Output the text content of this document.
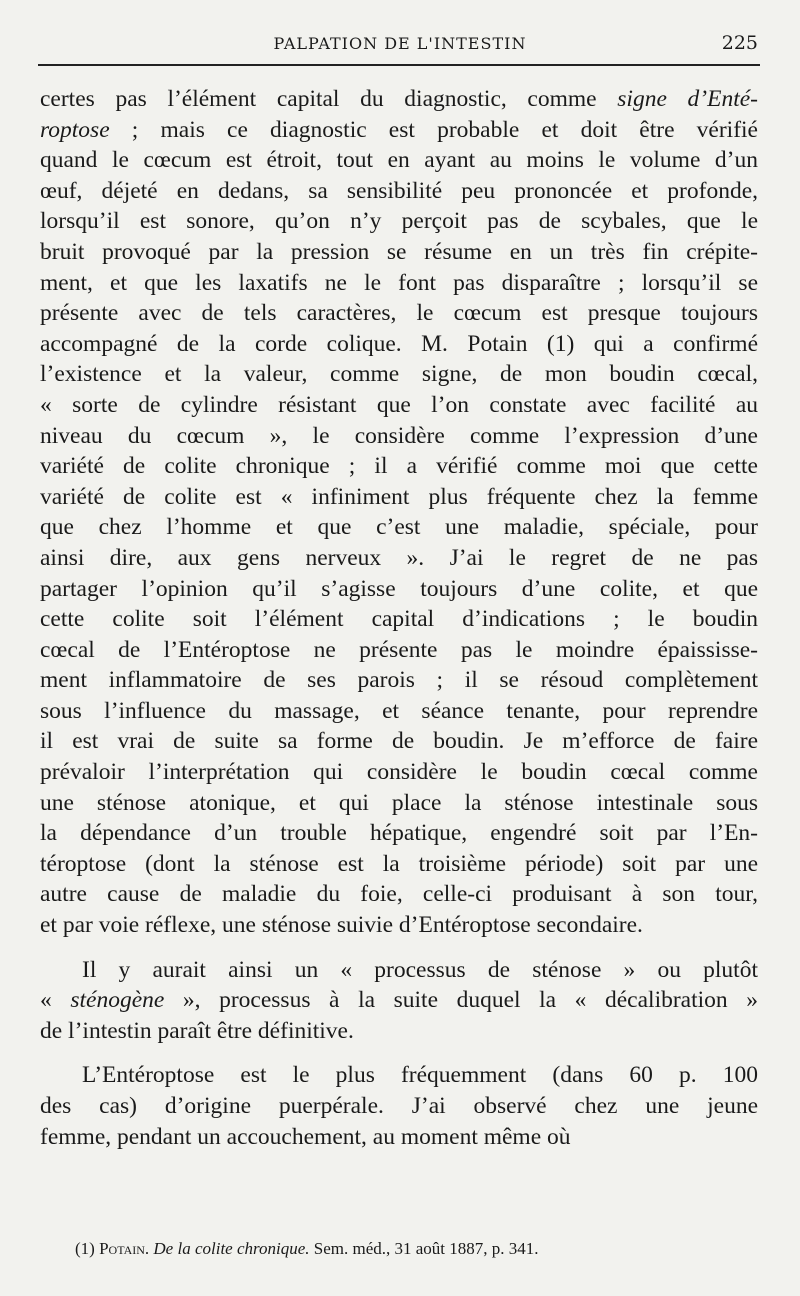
PALPATION DE L'INTESTIN	225

certes pas l’élément capital du diagnostic, comme signe d’Enté-
roptose ; mais ce diagnostic est probable et doit être vérifié
quand le cœcum est étroit, tout en ayant au moins le volume d’un
œuf, déjeté en dedans, sa sensibilité peu prononcée et profonde,
lorsqu’il est sonore, qu’on n’y perçoit pas de scybales, que le
bruit provoqué par la pression se résume en un très fin crépite-
ment, et que les laxatifs ne le font pas disparaître ; lorsqu’il se
présente avec de tels caractères, le cœcum est presque toujours
accompagné de la corde colique. M. Potain (1) qui a confirmé
l’existence et la valeur, comme signe, de mon boudin cœcal,
« sorte de cylindre résistant que l’on constate avec facilité au
niveau du cœcum », le considère comme l’expression d’une
variété de colite chronique ; il a vérifié comme moi que cette
variété de colite est « infiniment plus fréquente chez la femme
que chez l’homme et que c’est une maladie, spéciale, pour
ainsi dire, aux gens nerveux ». J’ai le regret de ne pas
partager l’opinion qu’il s’agisse toujours d’une colite, et que
cette colite soit l’élément capital d’indications ; le boudin
cœcal de l’Entéroptose ne présente pas le moindre épaississe-
ment inflammatoire de ses parois ; il se résoud complètement
sous l’influence du massage, et séance tenante, pour reprendre
il est vrai de suite sa forme de boudin. Je m’efforce de faire
prévaloir l’interprétation qui considère le boudin cœcal comme
une sténose atonique, et qui place la sténose intestinale sous
la dépendance d’un trouble hépatique, engendré soit par l’En-
téroptose (dont la sténose est la troisième période) soit par une
autre cause de maladie du foie, celle-ci produisant à son tour,
et par voie réflexe, une sténose suivie d’Entéroptose secondaire.

Il y aurait ainsi un « processus de sténose » ou plutôt
« sténogène », processus à la suite duquel la « décalibration »
de l’intestin paraît être définitive.

L’Entéroptose est le plus fréquemment (dans 60 p. 100
des cas) d’origine puerpérale. J’ai observé chez une jeune
femme, pendant un accouchement, au moment même où

(1) Potain. De la colite chronique. Sem. méd., 31 août 1887, p. 341.
